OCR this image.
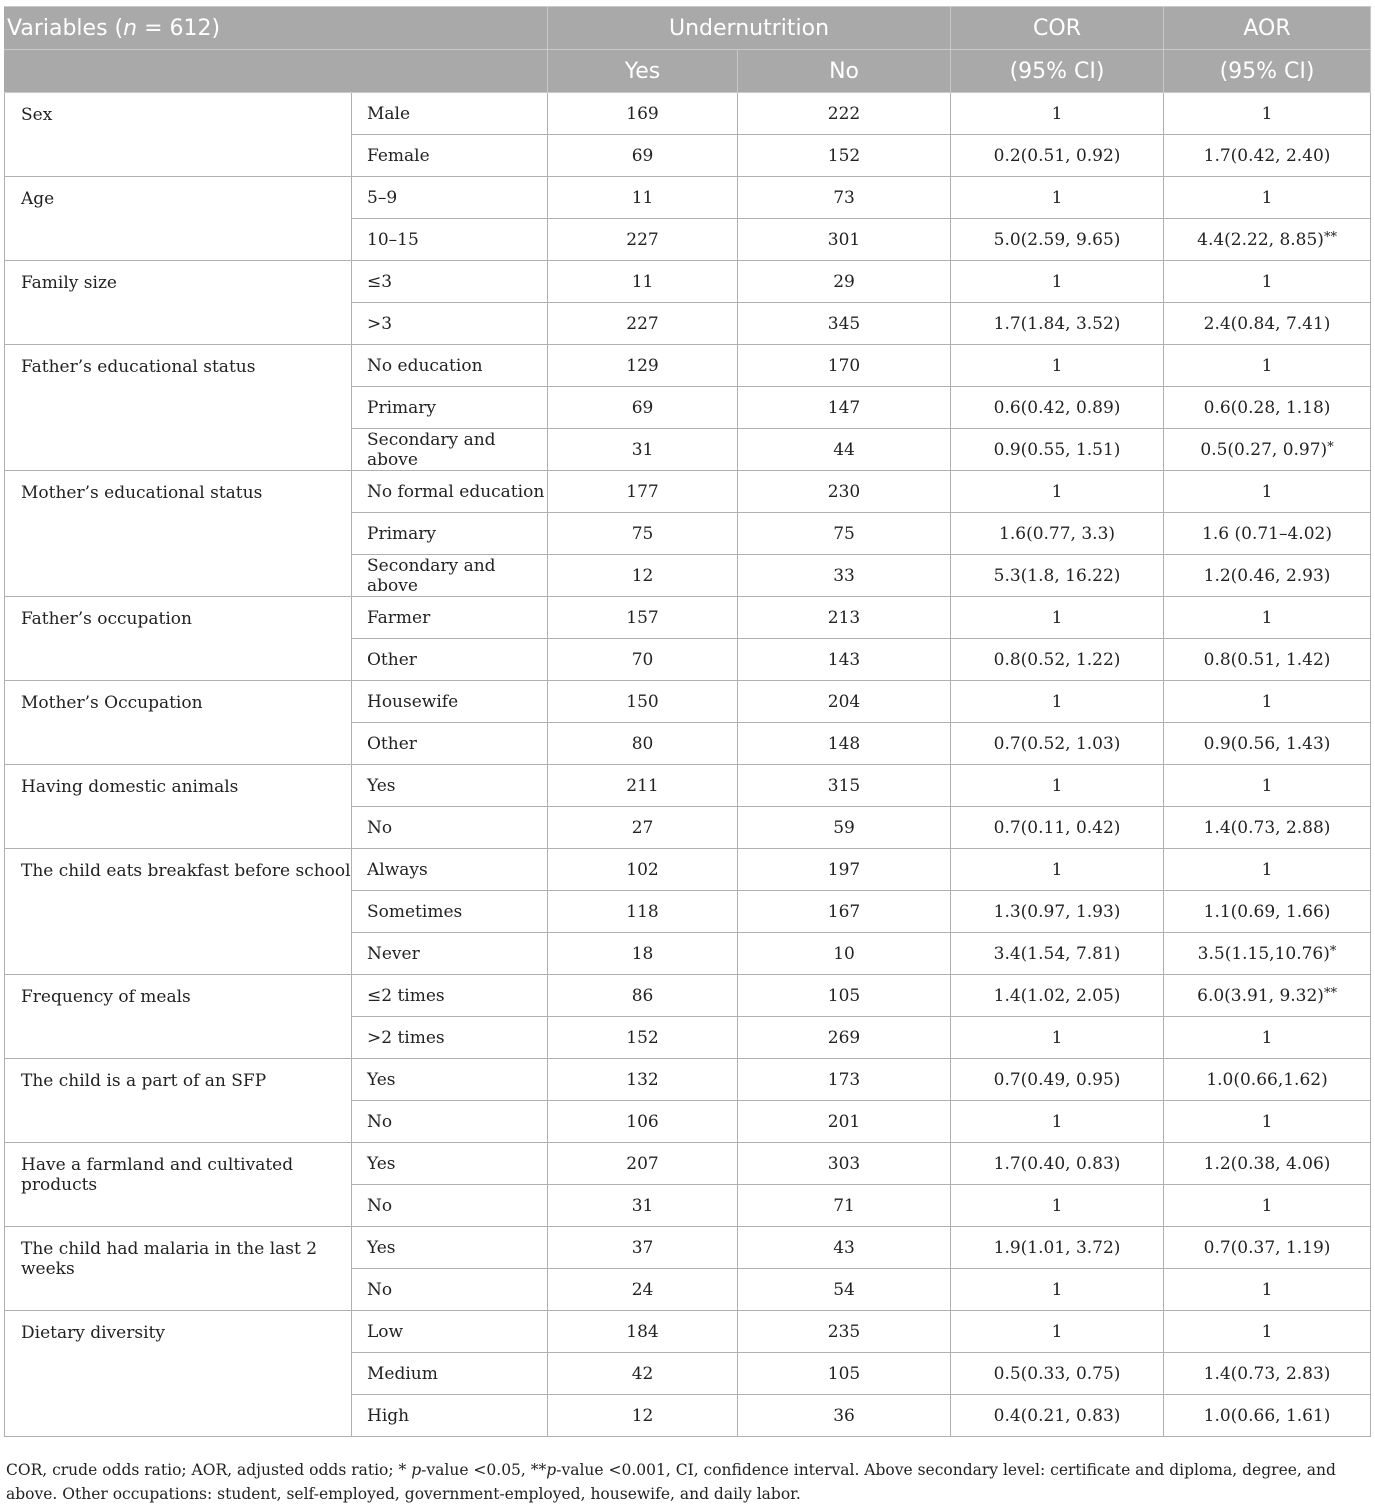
Variables (n = 612)		Undernutrition		COR	AOR
		Yes	No	(95% CI)	(95% CI)
Sex	Male	169	222	1	1
	Female	69	152	0.2(0.51, 0.92)	1.7(0.42, 2.40)
Age	5–9	11	73	1	1
	10–15	227	301	5.0(2.59, 9.65)	4.4(2.22, 8.85)**
Family size	≤3	11	29	1	1
	>3	227	345	1.7(1.84, 3.52)	2.4(0.84, 7.41)
Father’s educational status	No education	129	170	1	1
	Primary	69	147	0.6(0.42, 0.89)	0.6(0.28, 1.18)
	Secondary and above	31	44	0.9(0.55, 1.51)	0.5(0.27, 0.97)*
Mother’s educational status	No formal education	177	230	1	1
	Primary	75	75	1.6(0.77, 3.3)	1.6 (0.71–4.02)
	Secondary and above	12	33	5.3(1.8, 16.22)	1.2(0.46, 2.93)
Father’s occupation	Farmer	157	213	1	1
	Other	70	143	0.8(0.52, 1.22)	0.8(0.51, 1.42)
Mother’s Occupation	Housewife	150	204	1	1
	Other	80	148	0.7(0.52, 1.03)	0.9(0.56, 1.43)
Having domestic animals	Yes	211	315	1	1
	No	27	59	0.7(0.11, 0.42)	1.4(0.73, 2.88)
The child eats breakfast before school	Always	102	197	1	1
	Sometimes	118	167	1.3(0.97, 1.93)	1.1(0.69, 1.66)
	Never	18	10	3.4(1.54, 7.81)	3.5(1.15,10.76)*
Frequency of meals	≤2 times	86	105	1.4(1.02, 2.05)	6.0(3.91, 9.32)**
	>2 times	152	269	1	1
The child is a part of an SFP	Yes	132	173	0.7(0.49, 0.95)	1.0(0.66,1.62)
	No	106	201	1	1
Have a farmland and cultivated products	Yes	207	303	1.7(0.40, 0.83)	1.2(0.38, 4.06)
	No	31	71	1	1
The child had malaria in the last 2 weeks	Yes	37	43	1.9(1.01, 3.72)	0.7(0.37, 1.19)
	No	24	54	1	1
Dietary diversity	Low	184	235	1	1
	Medium	42	105	0.5(0.33, 0.75)	1.4(0.73, 2.83)
	High	12	36	0.4(0.21, 0.83)	1.0(0.66, 1.61)

COR, crude odds ratio; AOR, adjusted odds ratio; * p-value <0.05, **p-value <0.001, CI, confidence interval. Above secondary level: certificate and diploma, degree, and above. Other occupations: student, self-employed, government-employed, housewife, and daily labor.
